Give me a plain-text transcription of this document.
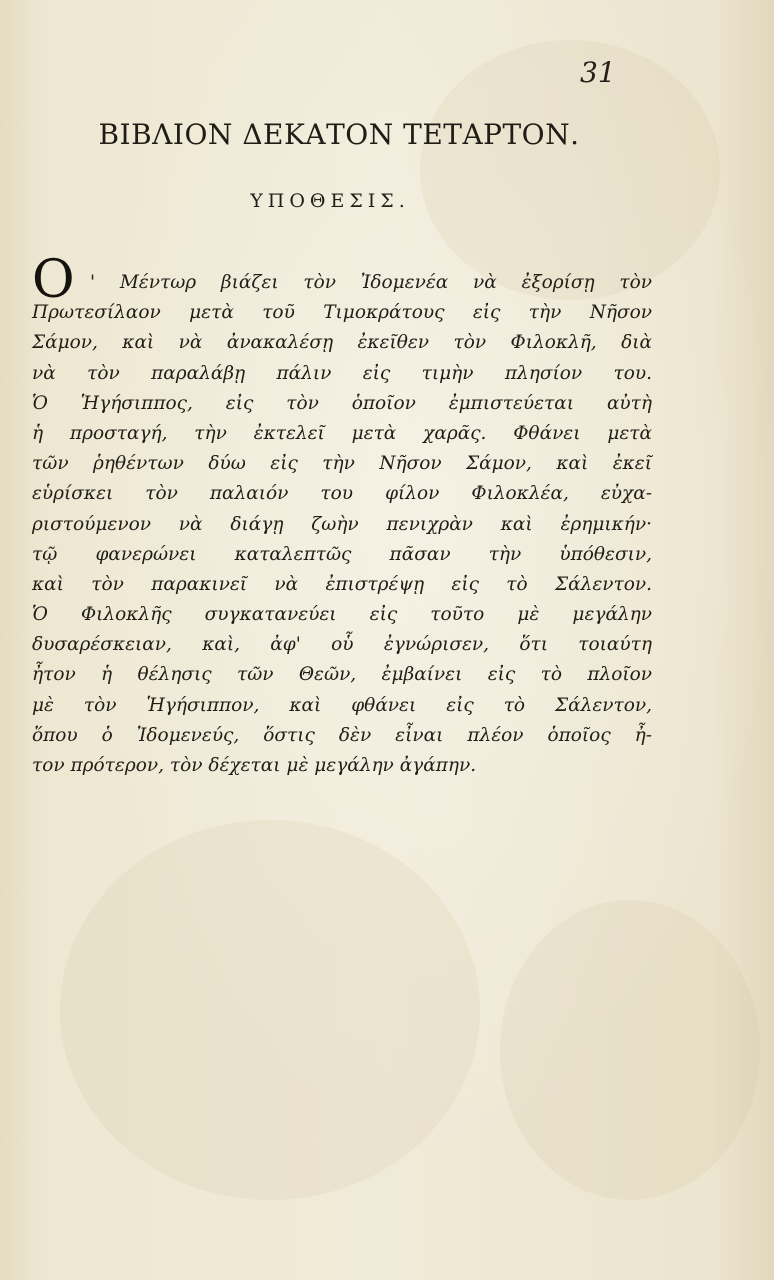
31
ΒΙΒΛΙΟΝ ΔΕΚΑΤΟΝ ΤΕΤΑΡΤΟΝ.
ΥΠΟΘΕΣΙΣ.
Ο ' Μέντωρ βιάζει τὸν Ἰδομενέα νὰ ἐξορίσῃ τὸν
Πρωτεσίλαον μετὰ τοῦ Τιμοκράτους εἰς τὴν Νῆσον
Σάμον, καὶ νὰ ἀνακαλέσῃ ἐκεῖθεν τὸν Φιλοκλῆ, διὰ
νὰ τὸν παραλάβῃ πάλιν εἰς τιμὴν πλησίον του.
Ὁ Ἡγήσιππος, εἰς τὸν ὁποῖον ἐμπιστεύεται αὐτὴ
ἡ προσταγή, τὴν ἐκτελεῖ μετὰ χαρᾶς. Φθάνει μετὰ
τῶν ῥηθέντων δύω εἰς τὴν Νῆσον Σάμον, καὶ ἐκεῖ
εὑρίσκει τὸν παλαιόν του φίλον Φιλοκλέα, εὐχα-
ριστούμενον νὰ διάγῃ ζωὴν πενιχρὰν καὶ ἐρημικήν·
τῷ φανερώνει καταλεπτῶς πᾶσαν τὴν ὑπόθεσιν,
καὶ τὸν παρακινεῖ νὰ ἐπιστρέψῃ εἰς τὸ Σάλεντον.
Ὁ Φιλοκλῆς συγκατανεύει εἰς τοῦτο μὲ μεγάλην
δυσαρέσκειαν, καὶ, ἀφ' οὗ ἐγνώρισεν, ὅτι τοιαύτη
ἦτον ἡ θέλησις τῶν Θεῶν, ἐμβαίνει εἰς τὸ πλοῖον
μὲ τὸν Ἡγήσιππον, καὶ φθάνει εἰς τὸ Σάλεντον,
ὅπου ὁ Ἰδομενεύς, ὅστις δὲν εἶναι πλέον ὁποῖος ἦ-
τον πρότερον, τὸν δέχεται μὲ μεγάλην ἀγάπην.
